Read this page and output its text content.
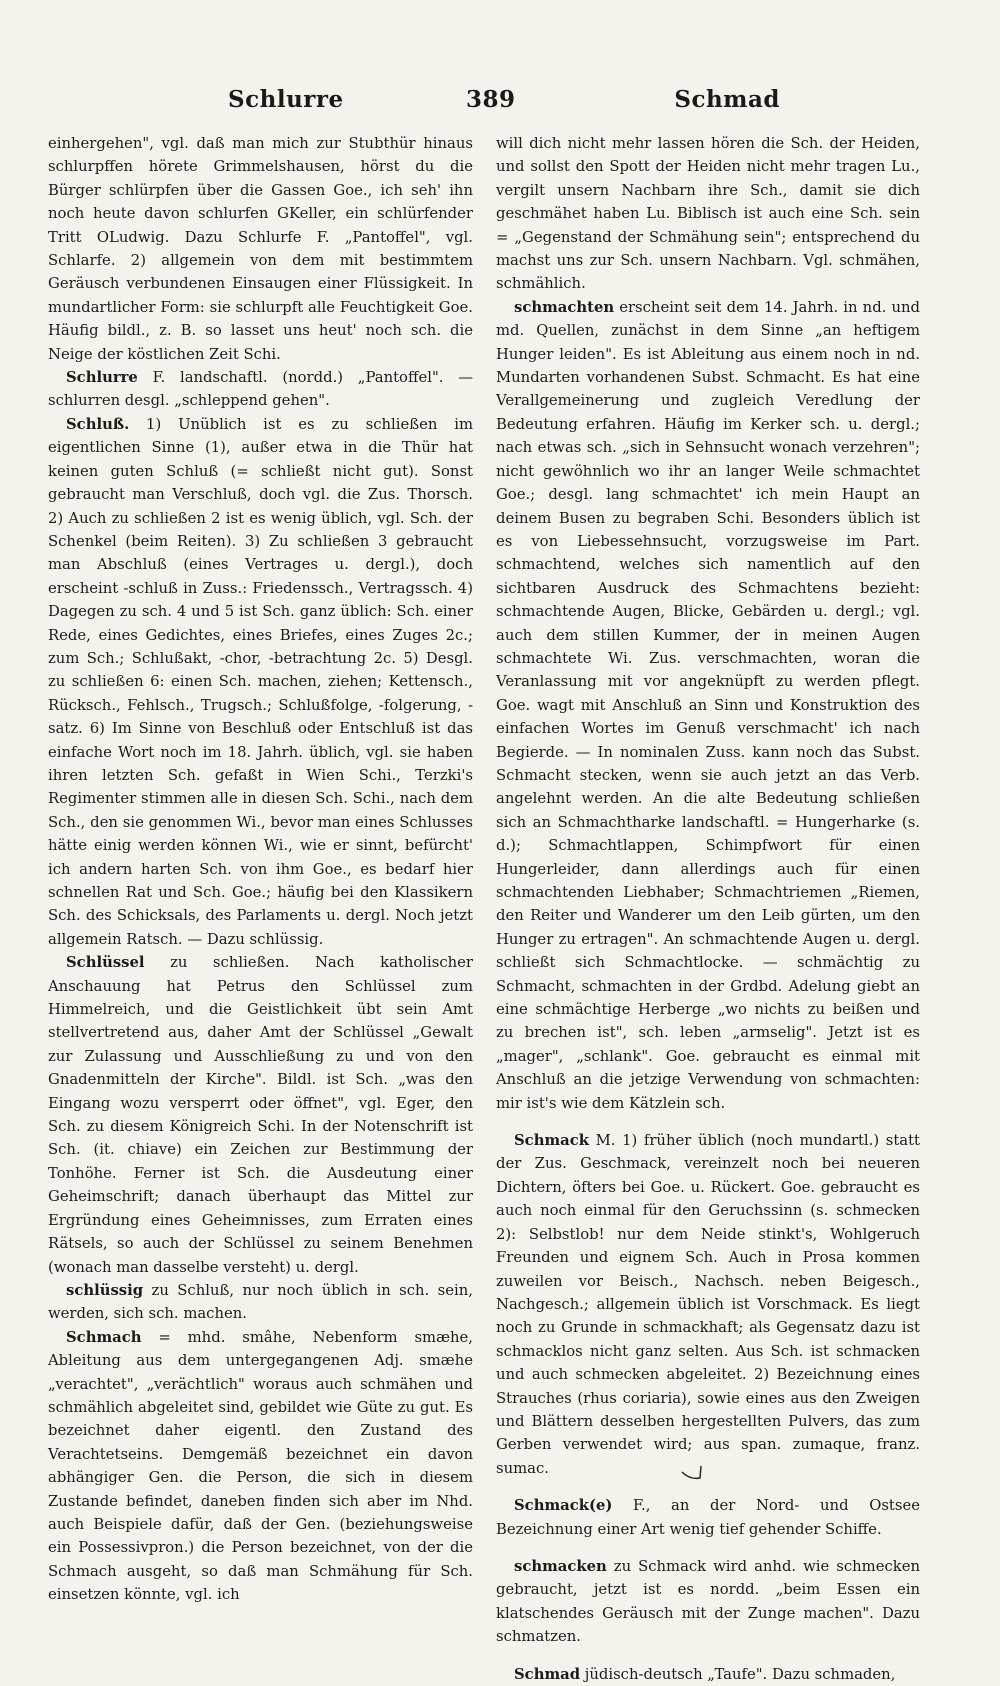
Schlurre	389	Schmad

einhergehen", vgl. daß man mich zur Stubthür hinaus schlurpffen hörete Grimmelshausen, hörst du die Bürger schlürpfen über die Gassen Goe., ich seh' ihn noch heute davon schlurfen GKeller, ein schlürfender Tritt OLudwig. Dazu Schlurfe F. „Pantoffel", vgl. Schlarfe. 2) allgemein von dem mit bestimmtem Geräusch verbundenen Einsaugen einer Flüssigkeit. In mundartlicher Form: sie schlurpft alle Feuchtigkeit Goe. Häufig bildl., z. B. so lasset uns heut' noch sch. die Neige der köstlichen Zeit Schi.

Schlurre F. landschaftl. (nordd.) „Pantoffel". — schlurren desgl. „schleppend gehen".

Schluß. 1) Unüblich ist es zu schließen im eigentlichen Sinne (1), außer etwa in die Thür hat keinen guten Schluß (= schließt nicht gut). Sonst gebraucht man Verschluß, doch vgl. die Zus. Thorsch. 2) Auch zu schließen 2 ist es wenig üblich, vgl. Sch. der Schenkel (beim Reiten). 3) Zu schließen 3 gebraucht man Abschluß (eines Vertrages u. dergl.), doch erscheint -schluß in Zuss.: Friedenssch., Vertragssch. 4) Dagegen zu sch. 4 und 5 ist Sch. ganz üblich: Sch. einer Rede, eines Gedichtes, eines Briefes, eines Zuges 2c.; zum Sch.; Schlußakt, -chor, -betrachtung 2c. 5) Desgl. zu schließen 6: einen Sch. machen, ziehen; Kettensch., Rücksch., Fehlsch., Trugsch.; Schlußfolge, -folgerung, -satz. 6) Im Sinne von Beschluß oder Entschluß ist das einfache Wort noch im 18. Jahrh. üblich, vgl. sie haben ihren letzten Sch. gefaßt in Wien Schi., Terzki's Regimenter stimmen alle in diesen Sch. Schi., nach dem Sch., den sie genommen Wi., bevor man eines Schlusses hätte einig werden können Wi., wie er sinnt, befürcht' ich andern harten Sch. von ihm Goe., es bedarf hier schnellen Rat und Sch. Goe.; häufig bei den Klassikern Sch. des Schicksals, des Parlaments u. dergl. Noch jetzt allgemein Ratsch. — Dazu schlüssig.

Schlüssel zu schließen. Nach katholischer Anschauung hat Petrus den Schlüssel zum Himmelreich, und die Geistlichkeit übt sein Amt stellvertretend aus, daher Amt der Schlüssel „Gewalt zur Zulassung und Ausschließung zu und von den Gnadenmitteln der Kirche". Bildl. ist Sch. „was den Eingang wozu versperrt oder öffnet", vgl. Eger, den Sch. zu diesem Königreich Schi. In der Notenschrift ist Sch. (it. chiave) ein Zeichen zur Bestimmung der Tonhöhe. Ferner ist Sch. die Ausdeutung einer Geheimschrift; danach überhaupt das Mittel zur Ergründung eines Geheimnisses, zum Erraten eines Rätsels, so auch der Schlüssel zu seinem Benehmen (wonach man dasselbe versteht) u. dergl.

schlüssig zu Schluß, nur noch üblich in sch. sein, werden, sich sch. machen.

Schmach = mhd. smâhe, Nebenform smæhe, Ableitung aus dem untergegangenen Adj. smæhe „verachtet", „verächtlich" woraus auch schmähen und schmählich abgeleitet sind, gebildet wie Güte zu gut. Es bezeichnet daher eigentl. den Zustand des Verachtetseins. Demgemäß bezeichnet ein davon abhängiger Gen. die Person, die sich in diesem Zustande befindet, daneben finden sich aber im Nhd. auch Beispiele dafür, daß der Gen. (beziehungsweise ein Possessivpron.) die Person bezeichnet, von der die Schmach ausgeht, so daß man Schmähung für Sch. einsetzen könnte, vgl. ich

will dich nicht mehr lassen hören die Sch. der Heiden, und sollst den Spott der Heiden nicht mehr tragen Lu., vergilt unsern Nachbarn ihre Sch., damit sie dich geschmähet haben Lu. Biblisch ist auch eine Sch. sein = „Gegenstand der Schmähung sein"; entsprechend du machst uns zur Sch. unsern Nachbarn. Vgl. schmähen, schmählich.

schmachten erscheint seit dem 14. Jahrh. in nd. und md. Quellen, zunächst in dem Sinne „an heftigem Hunger leiden". Es ist Ableitung aus einem noch in nd. Mundarten vorhandenen Subst. Schmacht. Es hat eine Verallgemeinerung und zugleich Veredlung der Bedeutung erfahren. Häufig im Kerker sch. u. dergl.; nach etwas sch. „sich in Sehnsucht wonach verzehren"; nicht gewöhnlich wo ihr an langer Weile schmachtet Goe.; desgl. lang schmachtet' ich mein Haupt an deinem Busen zu begraben Schi. Besonders üblich ist es von Liebessehnsucht, vorzugsweise im Part. schmachtend, welches sich namentlich auf den sichtbaren Ausdruck des Schmachtens bezieht: schmachtende Augen, Blicke, Gebärden u. dergl.; vgl. auch dem stillen Kummer, der in meinen Augen schmachtete Wi. Zus. verschmachten, woran die Veranlassung mit vor angeknüpft zu werden pflegt. Goe. wagt mit Anschluß an Sinn und Konstruktion des einfachen Wortes im Genuß verschmacht' ich nach Begierde. — In nominalen Zuss. kann noch das Subst. Schmacht stecken, wenn sie auch jetzt an das Verb. angelehnt werden. An die alte Bedeutung schließen sich an Schmachtharke landschaftl. = Hungerharke (s. d.); Schmachtlappen, Schimpfwort für einen Hungerleider, dann allerdings auch für einen schmachtenden Liebhaber; Schmachtriemen „Riemen, den Reiter und Wanderer um den Leib gürten, um den Hunger zu ertragen". An schmachtende Augen u. dergl. schließt sich Schmachtlocke. — schmächtig zu Schmacht, schmachten in der Grdbd. Adelung giebt an eine schmächtige Herberge „wo nichts zu beißen und zu brechen ist", sch. leben „armselig". Jetzt ist es „mager", „schlank". Goe. gebraucht es einmal mit Anschluß an die jetzige Verwendung von schmachten: mir ist's wie dem Kätzlein sch.

Schmack M. 1) früher üblich (noch mundartl.) statt der Zus. Geschmack, vereinzelt noch bei neueren Dichtern, öfters bei Goe. u. Rückert. Goe. gebraucht es auch noch einmal für den Geruchssinn (s. schmecken 2): Selbstlob! nur dem Neide stinkt's, Wohlgeruch Freunden und eignem Sch. Auch in Prosa kommen zuweilen vor Beisch., Nachsch. neben Beigesch., Nachgesch.; allgemein üblich ist Vorschmack. Es liegt noch zu Grunde in schmackhaft; als Gegensatz dazu ist schmacklos nicht ganz selten. Aus Sch. ist schmacken und auch schmecken abgeleitet. 2) Bezeichnung eines Strauches (rhus coriaria), sowie eines aus den Zweigen und Blättern desselben hergestellten Pulvers, das zum Gerben verwendet wird; aus span. zumaque, franz. sumac.

Schmack(e) F., an der Nord- und Ostsee Bezeichnung einer Art wenig tief gehender Schiffe.

schmacken zu Schmack wird anhd. wie schmecken gebraucht, jetzt ist es nordd. „beim Essen ein klatschendes Geräusch mit der Zunge machen". Dazu schmatzen.

Schmad jüdisch-deutsch „Taufe". Dazu schmaden,
